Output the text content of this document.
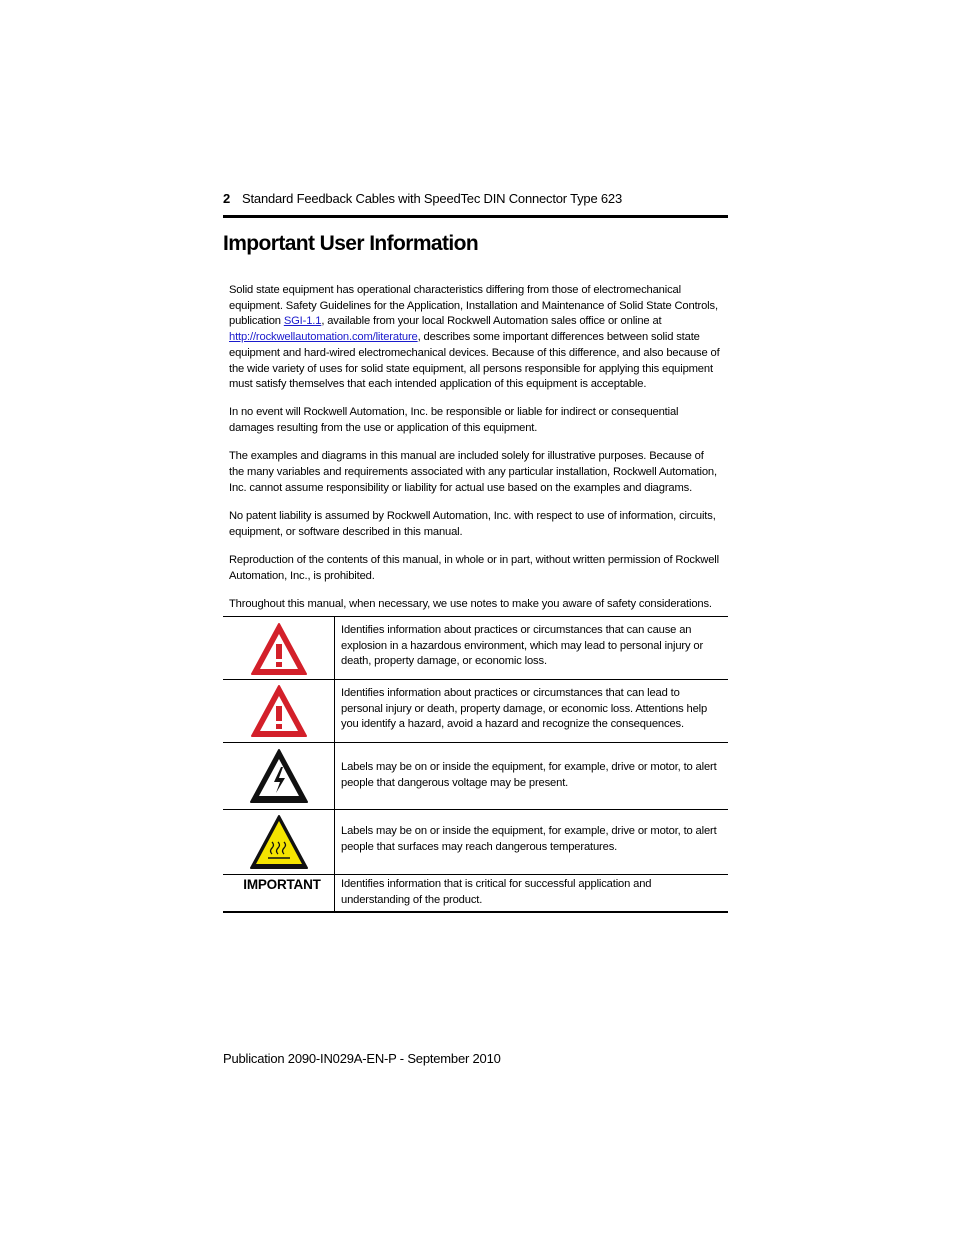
2 Standard Feedback Cables with SpeedTec DIN Connector Type 623
Important User Information

Solid state equipment has operational characteristics differing from those of electromechanical equipment. Safety Guidelines for the Application, Installation and Maintenance of Solid State Controls, publication SGI-1.1, available from your local Rockwell Automation sales office or online at http://rockwellautomation.com/literature, describes some important differences between solid state equipment and hard-wired electromechanical devices. Because of this difference, and also because of the wide variety of uses for solid state equipment, all persons responsible for applying this equipment must satisfy themselves that each intended application of this equipment is acceptable.

In no event will Rockwell Automation, Inc. be responsible or liable for indirect or consequential damages resulting from the use or application of this equipment.

The examples and diagrams in this manual are included solely for illustrative purposes. Because of the many variables and requirements associated with any particular installation, Rockwell Automation, Inc. cannot assume responsibility or liability for actual use based on the examples and diagrams.

No patent liability is assumed by Rockwell Automation, Inc. with respect to use of information, circuits, equipment, or software described in this manual.

Reproduction of the contents of this manual, in whole or in part, without written permission of Rockwell Automation, Inc., is prohibited.

Throughout this manual, when necessary, we use notes to make you aware of safety considerations.

	Identifies information about practices or circumstances that can cause an explosion in a hazardous environment, which may lead to personal injury or death, property damage, or economic loss.

	Identifies information about practices or circumstances that can lead to personal injury or death, property damage, or economic loss. Attentions help you identify a hazard, avoid a hazard and recognize the consequences.

	Labels may be on or inside the equipment, for example, drive or motor, to alert people that dangerous voltage may be present.

	Labels may be on or inside the equipment, for example, drive or motor, to alert people that surfaces may reach dangerous temperatures.
IMPORTANT	Identifies information that is critical for successful application and understanding of the product.
Publication 2090-IN029A-EN-P - September 2010
